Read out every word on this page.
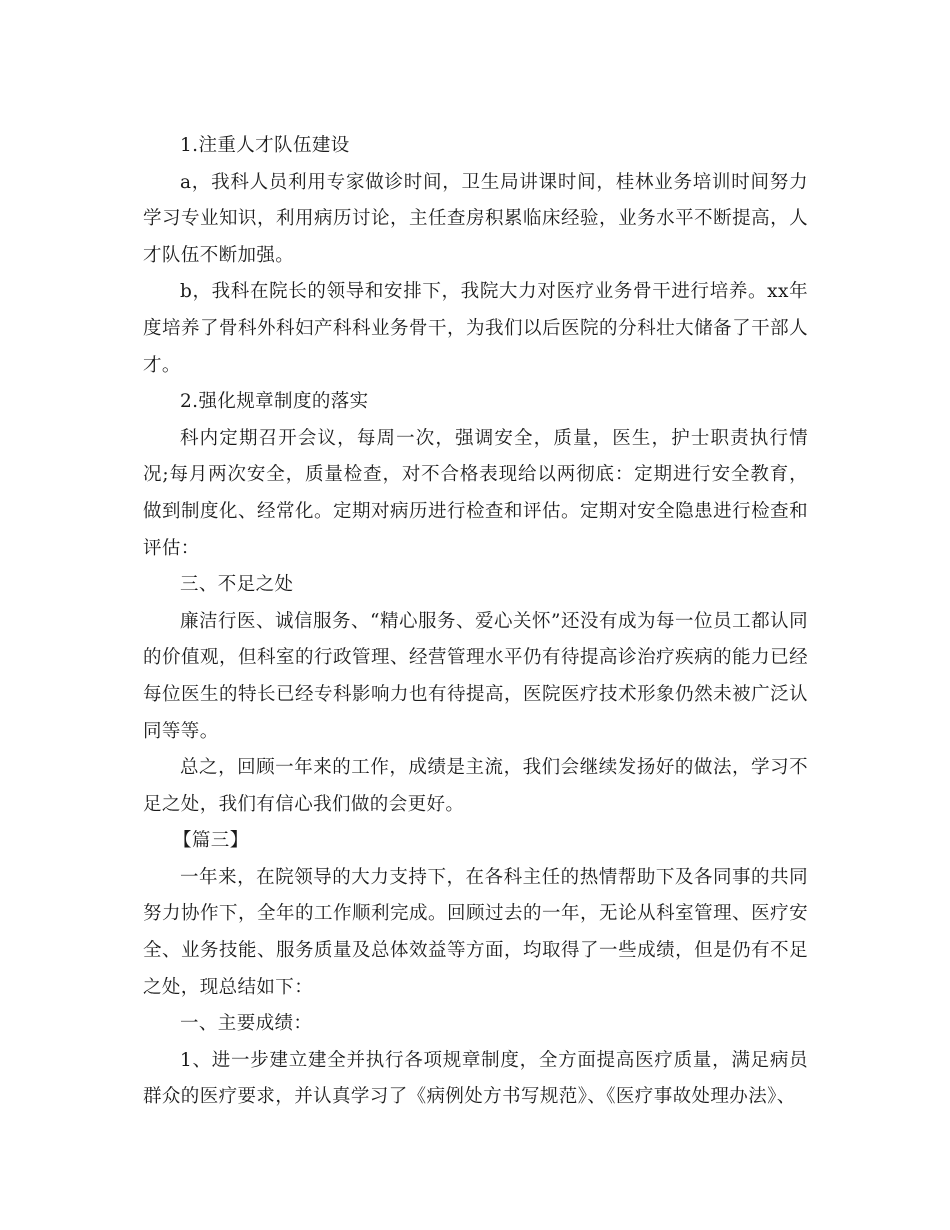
1.注重人才队伍建设

a，我科人员利用专家做诊时间，卫生局讲课时间，桂林业务培训时间努力学习专业知识，利用病历讨论，主任查房积累临床经验，业务水平不断提高，人才队伍不断加强。

b，我科在院长的领导和安排下，我院大力对医疗业务骨干进行培养。xx年度培养了骨科外科妇产科科业务骨干，为我们以后医院的分科壮大储备了干部人才。

2.强化规章制度的落实

科内定期召开会议，每周一次，强调安全，质量，医生，护士职责执行情况;每月两次安全，质量检查，对不合格表现给以两彻底：定期进行安全教育，做到制度化、经常化。定期对病历进行检查和评估。定期对安全隐患进行检查和评估：

三、不足之处

廉洁行医、诚信服务、“精心服务、爱心关怀”还没有成为每一位员工都认同的价值观，但科室的行政管理、经营管理水平仍有待提高诊治疗疾病的能力已经每位医生的特长已经专科影响力也有待提高，医院医疗技术形象仍然未被广泛认同等等。

总之，回顾一年来的工作，成绩是主流，我们会继续发扬好的做法，学习不足之处，我们有信心我们做的会更好。

【篇三】

一年来，在院领导的大力支持下，在各科主任的热情帮助下及各同事的共同努力协作下，全年的工作顺利完成。回顾过去的一年，无论从科室管理、医疗安全、业务技能、服务质量及总体效益等方面，均取得了一些成绩，但是仍有不足之处，现总结如下：

一、主要成绩：

1、进一步建立建全并执行各项规章制度，全方面提高医疗质量，满足病员群众的医疗要求，并认真学习了《病例处方书写规范》、《医疗事故处理办法》、
